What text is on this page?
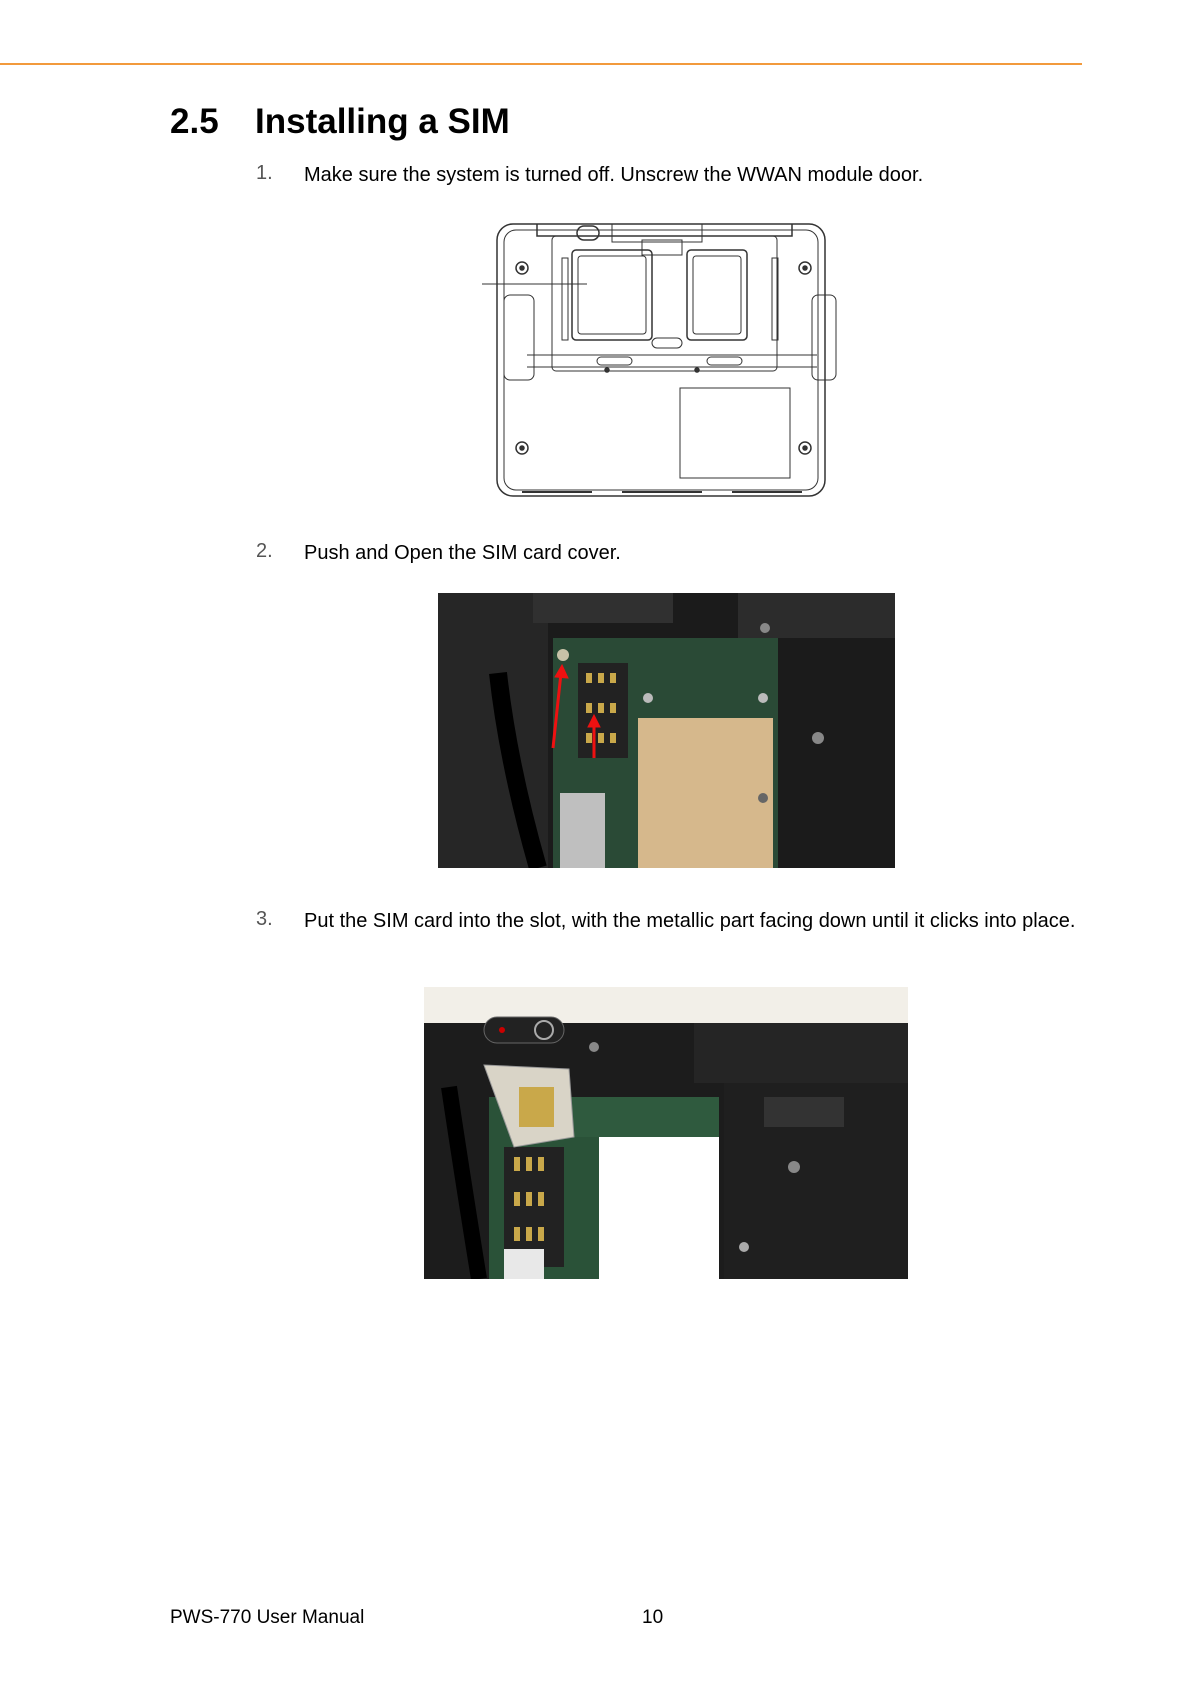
2.5 Installing a SIM
1. Make sure the system is turned off. Unscrew the WWAN module door.
2. Push and Open the SIM card cover.
3. Put the SIM card into the slot, with the metallic part facing down until it clicks into place.
PWS-770 User Manual	10
